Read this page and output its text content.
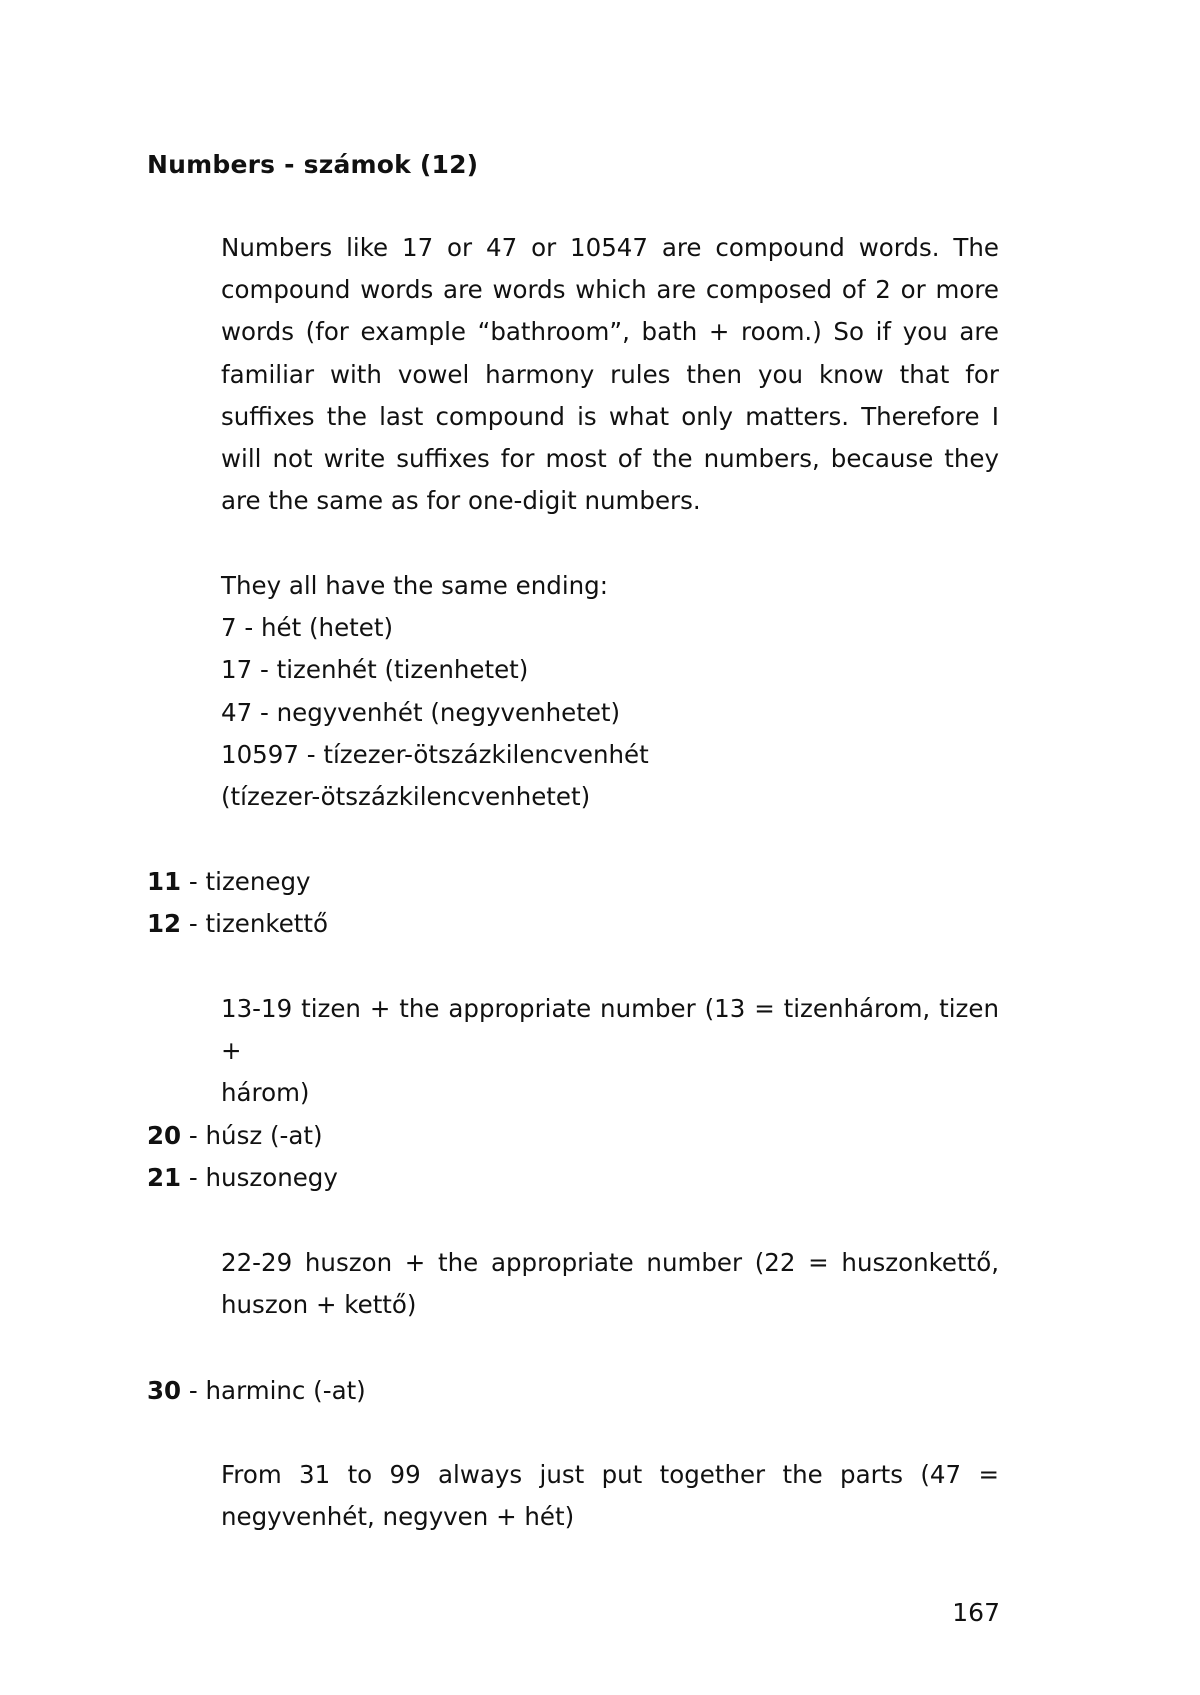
Numbers - számok (12)
Numbers like 17 or 47 or 10547 are compound words. The
compound words are words which are composed of 2 or more
words (for example “bathroom”, bath + room.) So if you are
familiar with vowel harmony rules then you know that for
suffixes the last compound is what only matters. Therefore I
will not write suffixes for most of the numbers, because they
are the same as for one-digit numbers.
They all have the same ending:
7 - hét (hetet)
17 - tizenhét (tizenhetet)
47 - negyvenhét (negyvenhetet)
10597 - tízezer-ötszázkilencvenhét
(tízezer-ötszázkilencvenhetet)
11 - tizenegy
12 - tizenkettő
13-19 tizen + the appropriate number (13 = tizenhárom, tizen +
három)
20 - húsz (-at)
21 - huszonegy
22-29 huszon + the appropriate number (22 = huszonkettő,
huszon + kettő)
30 - harminc (-at)
From 31 to 99 always just put together the parts (47 =
negyvenhét, negyven + hét)
167
